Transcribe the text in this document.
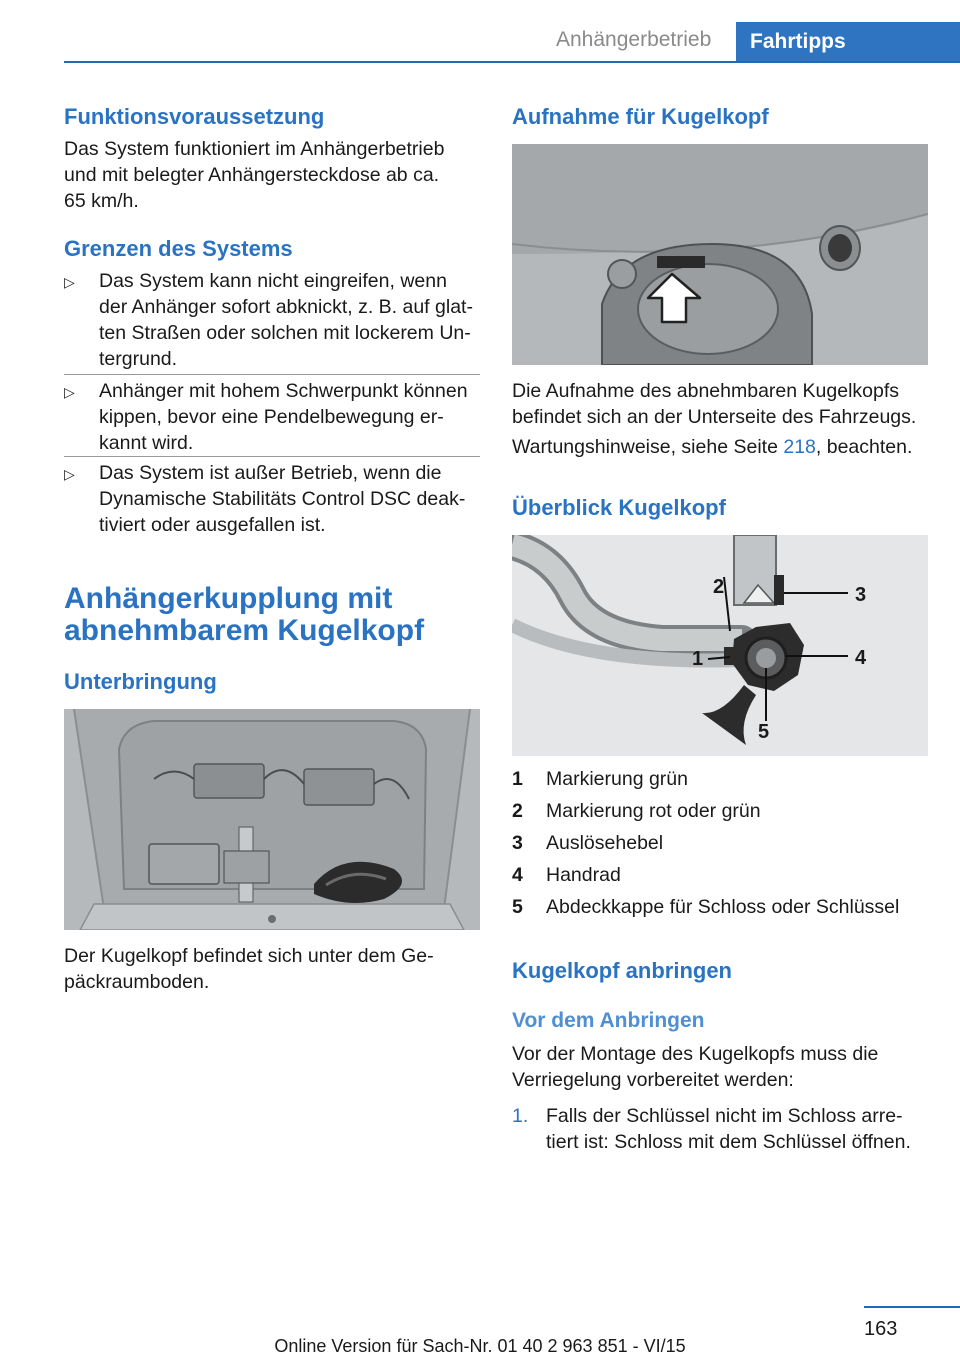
Anhängerbetrieb	Fahrtipps
Funktionsvoraussetzung
Das System funktioniert im Anhängerbetrieb
und mit belegter Anhängersteckdose ab ca.
65 km/h.
Grenzen des Systems
▷ Das System kann nicht eingreifen, wenn
der Anhänger sofort abknickt, z. B. auf glat-
ten Straßen oder solchen mit lockerem Un-
tergrund.
▷ Anhänger mit hohem Schwerpunkt können
kippen, bevor eine Pendelbewegung er-
kannt wird.
▷ Das System ist außer Betrieb, wenn die
Dynamische Stabilitäts Control DSC deak-
tiviert oder ausgefallen ist.
Anhängerkupplung mit
abnehmbarem Kugelkopf
Unterbringung
Der Kugelkopf befindet sich unter dem Ge-
päckraumboden.
Aufnahme für Kugelkopf
Die Aufnahme des abnehmbaren Kugelkopfs
befindet sich an der Unterseite des Fahrzeugs.
Wartungshinweise, siehe Seite 218, beachten.
Überblick Kugelkopf
2	3
1	4
5
1 Markierung grün
2 Markierung rot oder grün
3 Auslösehebel
4 Handrad
5 Abdeckkappe für Schloss oder Schlüssel
Kugelkopf anbringen
Vor dem Anbringen
Vor der Montage des Kugelkopfs muss die
Verriegelung vorbereitet werden:
1. Falls der Schlüssel nicht im Schloss arre-
tiert ist: Schloss mit dem Schlüssel öffnen.
163
Online Version für Sach-Nr. 01 40 2 963 851 - VI/15
